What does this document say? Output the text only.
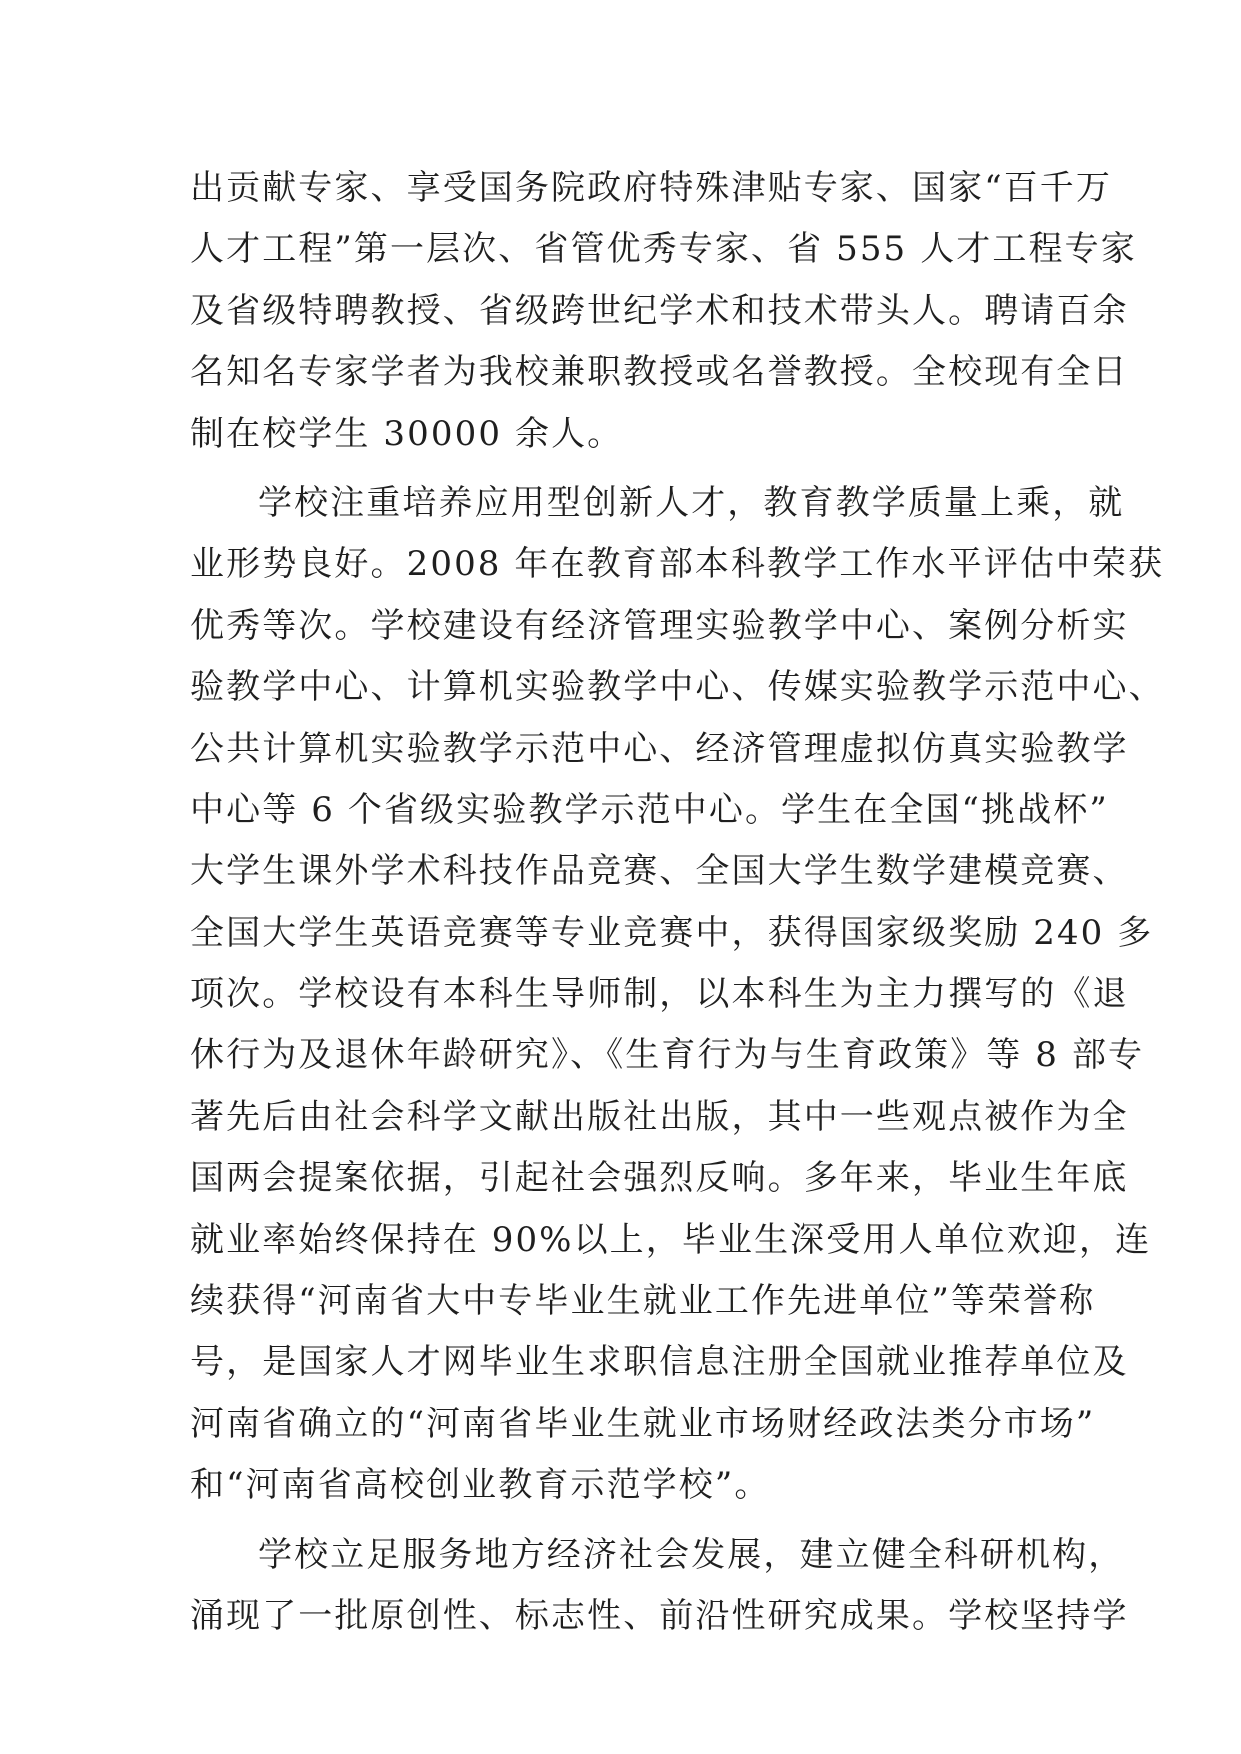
出贡献专家、享受国务院政府特殊津贴专家、国家“百千万
人才工程”第一层次、省管优秀专家、省 555 人才工程专家
及省级特聘教授、省级跨世纪学术和技术带头人。聘请百余
名知名专家学者为我校兼职教授或名誉教授。全校现有全日
制在校学生 30000 余人。
学校注重培养应用型创新人才，教育教学质量上乘，就
业形势良好。2008 年在教育部本科教学工作水平评估中荣获
优秀等次。学校建设有经济管理实验教学中心、案例分析实
验教学中心、计算机实验教学中心、传媒实验教学示范中心、
公共计算机实验教学示范中心、经济管理虚拟仿真实验教学
中心等 6 个省级实验教学示范中心。学生在全国“挑战杯”
大学生课外学术科技作品竞赛、全国大学生数学建模竞赛、
全国大学生英语竞赛等专业竞赛中，获得国家级奖励 240 多
项次。学校设有本科生导师制，以本科生为主力撰写的《退
休行为及退休年龄研究》、《生育行为与生育政策》等 8 部专
著先后由社会科学文献出版社出版，其中一些观点被作为全
国两会提案依据，引起社会强烈反响。多年来，毕业生年底
就业率始终保持在 90%以上，毕业生深受用人单位欢迎，连
续获得“河南省大中专毕业生就业工作先进单位”等荣誉称
号，是国家人才网毕业生求职信息注册全国就业推荐单位及
河南省确立的“河南省毕业生就业市场财经政法类分市场”
和“河南省高校创业教育示范学校”。
学校立足服务地方经济社会发展，建立健全科研机构，
涌现了一批原创性、标志性、前沿性研究成果。学校坚持学
